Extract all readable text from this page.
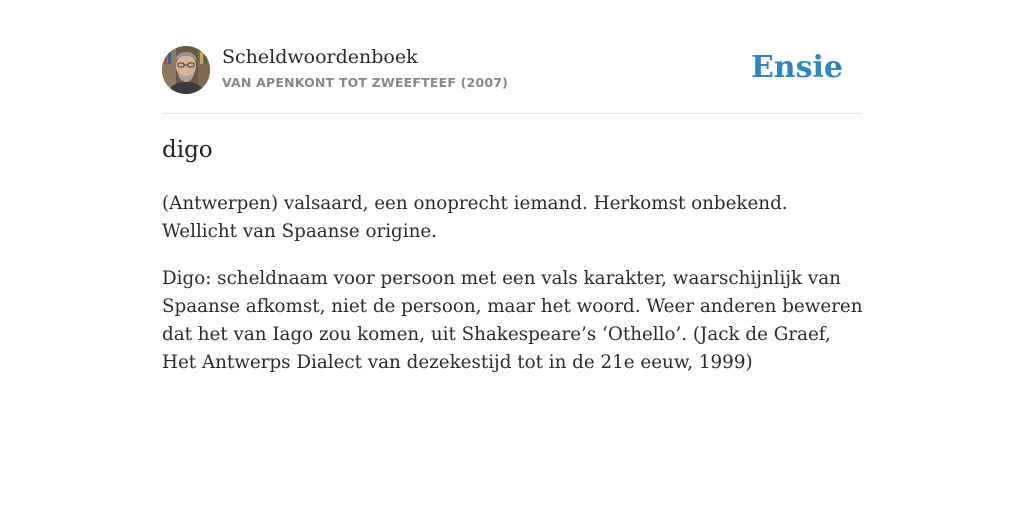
Scheldwoordenboek
VAN APENKONT TOT ZWEEFTEEF (2007)	Ensie
digo

(Antwerpen) valsaard, een onoprecht iemand. Herkomst onbekend. Wellicht van Spaanse origine.

Digo: scheldnaam voor persoon met een vals karakter, waarschijnlijk van Spaanse afkomst, niet de persoon, maar het woord. Weer anderen beweren dat het van Iago zou komen, uit Shakespeare’s ‘Othello’. (Jack de Graef, Het Antwerps Dialect van dezekestijd tot in de 21e eeuw, 1999)
